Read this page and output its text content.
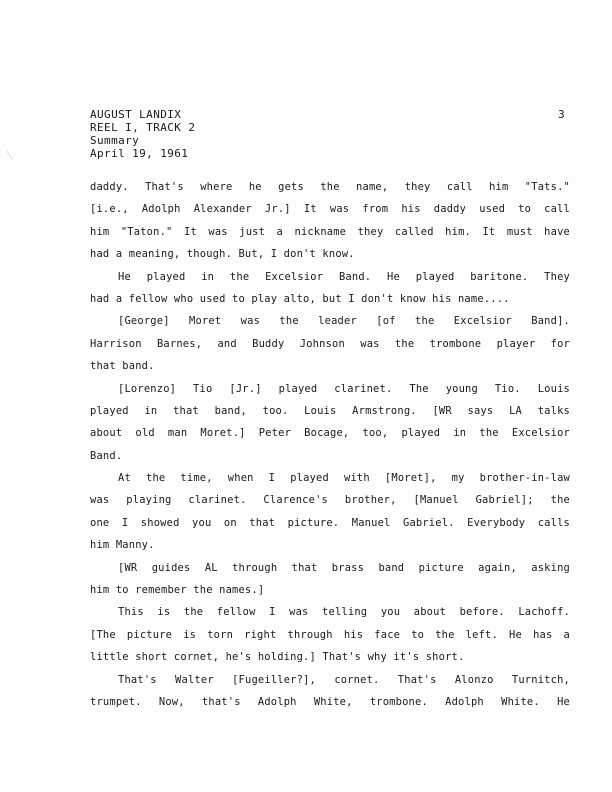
AUGUST LANDIX
REEL I, TRACK 2
Summary
April 19, 1961
3
daddy. That's where he gets the name, they call him "Tats."
[i.e., Adolph Alexander Jr.] It was from his daddy used to call
him "Taton." It was just a nickname they called him. It must have
had a meaning, though. But, I don't know.
He played in the Excelsior Band. He played baritone. They
had a fellow who used to play alto, but I don't know his name....
[George] Moret was the leader [of the Excelsior Band].
Harrison Barnes, and Buddy Johnson was the trombone player for
that band.
[Lorenzo] Tio [Jr.] played clarinet. The young Tio. Louis
played in that band, too. Louis Armstrong. [WR says LA talks
about old man Moret.] Peter Bocage, too, played in the Excelsior
Band.
At the time, when I played with [Moret], my brother-in-law
was playing clarinet. Clarence's brother, [Manuel Gabriel]; the
one I showed you on that picture. Manuel Gabriel. Everybody calls
him Manny.
[WR guides AL through that brass band picture again, asking
him to remember the names.]
This is the fellow I was telling you about before. Lachoff.
[The picture is torn right through his face to the left. He has a
little short cornet, he's holding.] That's why it's short.
That's Walter [Fugeiller?], cornet. That's Alonzo Turnitch,
trumpet. Now, that's Adolph White, trombone. Adolph White. He
